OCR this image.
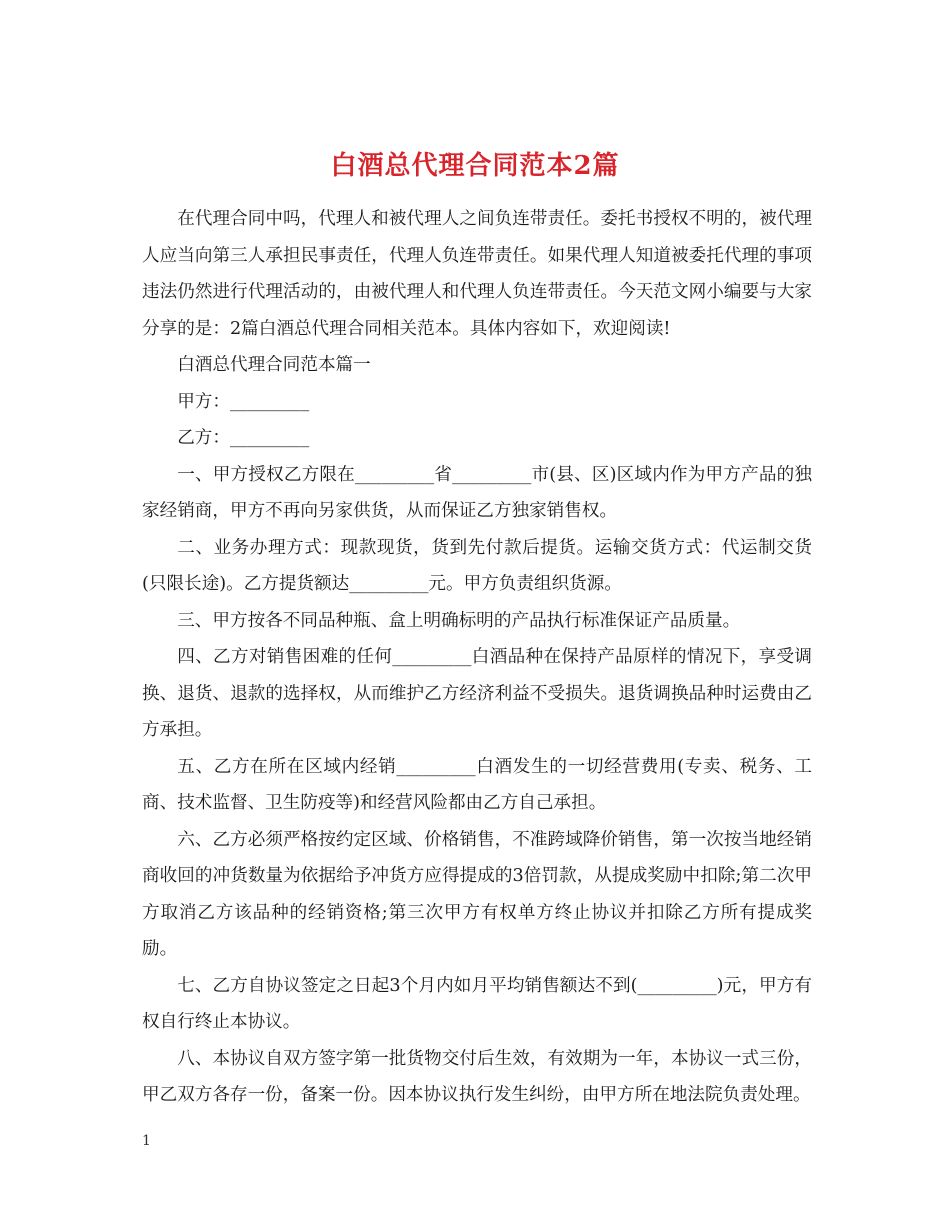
白酒总代理合同范本2篇

在代理合同中吗，代理人和被代理人之间负连带责任。委托书授权不明的，被代理人应当向第三人承担民事责任，代理人负连带责任。如果代理人知道被委托代理的事项违法仍然进行代理活动的，由被代理人和代理人负连带责任。今天范文网小编要与大家分享的是：2篇白酒总代理合同相关范本。具体内容如下，欢迎阅读!

白酒总代理合同范本篇一

甲方：_________

乙方：_________

一、甲方授权乙方限在_________省_________市(县、区)区域内作为甲方产品的独家经销商，甲方不再向另家供货，从而保证乙方独家销售权。

二、业务办理方式：现款现货，货到先付款后提货。运输交货方式：代运制交货(只限长途)。乙方提货额达_________元。甲方负责组织货源。

三、甲方按各不同品种瓶、盒上明确标明的产品执行标准保证产品质量。

四、乙方对销售困难的任何_________白酒品种在保持产品原样的情况下，享受调换、退货、退款的选择权，从而维护乙方经济利益不受损失。退货调换品种时运费由乙方承担。

五、乙方在所在区域内经销_________白酒发生的一切经营费用(专卖、税务、工商、技术监督、卫生防疫等)和经营风险都由乙方自己承担。

六、乙方必须严格按约定区域、价格销售，不准跨域降价销售，第一次按当地经销商收回的冲货数量为依据给予冲货方应得提成的3倍罚款，从提成奖励中扣除;第二次甲方取消乙方该品种的经销资格;第三次甲方有权单方终止协议并扣除乙方所有提成奖励。

七、乙方自协议签定之日起3个月内如月平均销售额达不到(_________)元，甲方有权自行终止本协议。

八、本协议自双方签字第一批货物交付后生效，有效期为一年，本协议一式三份，甲乙双方各存一份，备案一份。因本协议执行发生纠纷，由甲方所在地法院负责处理。

1
